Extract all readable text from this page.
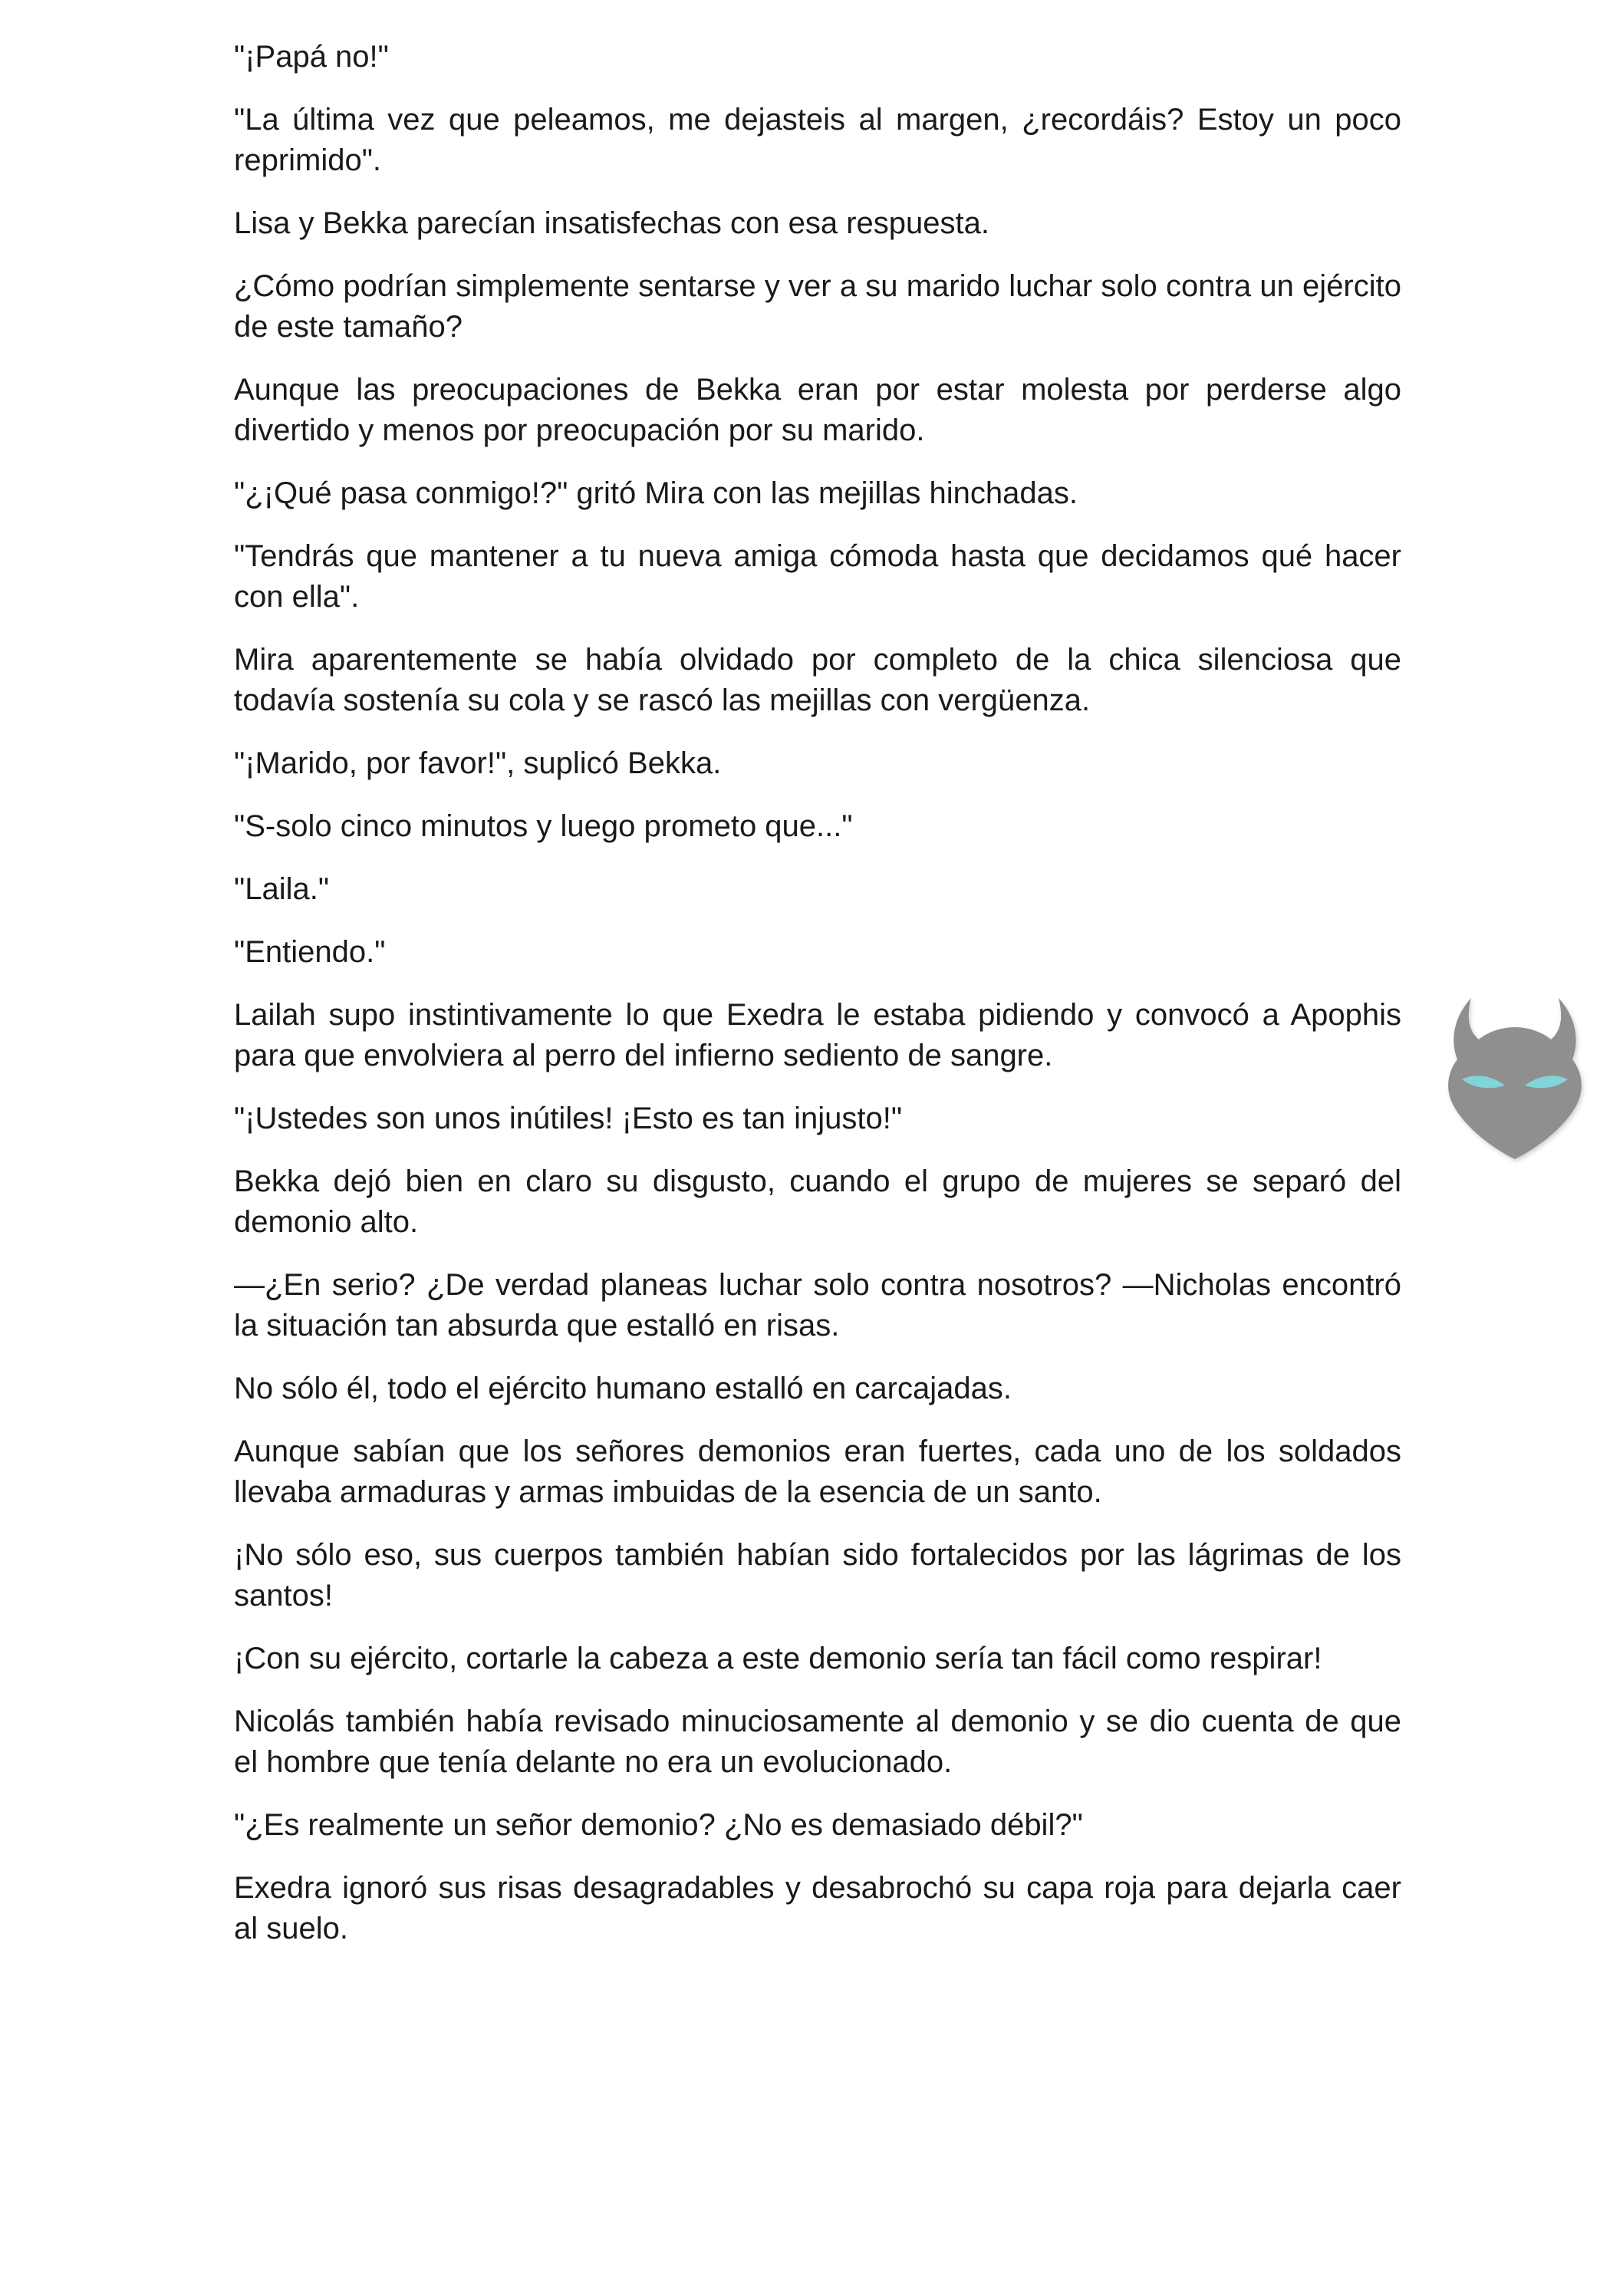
"¡Papá no!"

"La última vez que peleamos, me dejasteis al margen, ¿recordáis? Estoy un poco reprimido".

Lisa y Bekka parecían insatisfechas con esa respuesta.

¿Cómo podrían simplemente sentarse y ver a su marido luchar solo contra un ejército de este tamaño?

Aunque las preocupaciones de Bekka eran por estar molesta por perderse algo divertido y menos por preocupación por su marido.

"¿¡Qué pasa conmigo!?" gritó Mira con las mejillas hinchadas.

"Tendrás que mantener a tu nueva amiga cómoda hasta que decidamos qué hacer con ella".

Mira aparentemente se había olvidado por completo de la chica silenciosa que todavía sostenía su cola y se rascó las mejillas con vergüenza.

"¡Marido, por favor!", suplicó Bekka.

"S-solo cinco minutos y luego prometo que..."

"Laila."

"Entiendo."

Lailah supo instintivamente lo que Exedra le estaba pidiendo y convocó a Apophis para que envolviera al perro del infierno sediento de sangre.

"¡Ustedes son unos inútiles! ¡Esto es tan injusto!"

Bekka dejó bien en claro su disgusto, cuando el grupo de mujeres se separó del demonio alto.

—¿En serio? ¿De verdad planeas luchar solo contra nosotros? —Nicholas encontró la situación tan absurda que estalló en risas.

No sólo él, todo el ejército humano estalló en carcajadas.

Aunque sabían que los señores demonios eran fuertes, cada uno de los soldados llevaba armaduras y armas imbuidas de la esencia de un santo.

¡No sólo eso, sus cuerpos también habían sido fortalecidos por las lágrimas de los santos!

¡Con su ejército, cortarle la cabeza a este demonio sería tan fácil como respirar!

Nicolás también había revisado minuciosamente al demonio y se dio cuenta de que el hombre que tenía delante no era un evolucionado.

"¿Es realmente un señor demonio? ¿No es demasiado débil?"

Exedra ignoró sus risas desagradables y desabrochó su capa roja para dejarla caer al suelo.
